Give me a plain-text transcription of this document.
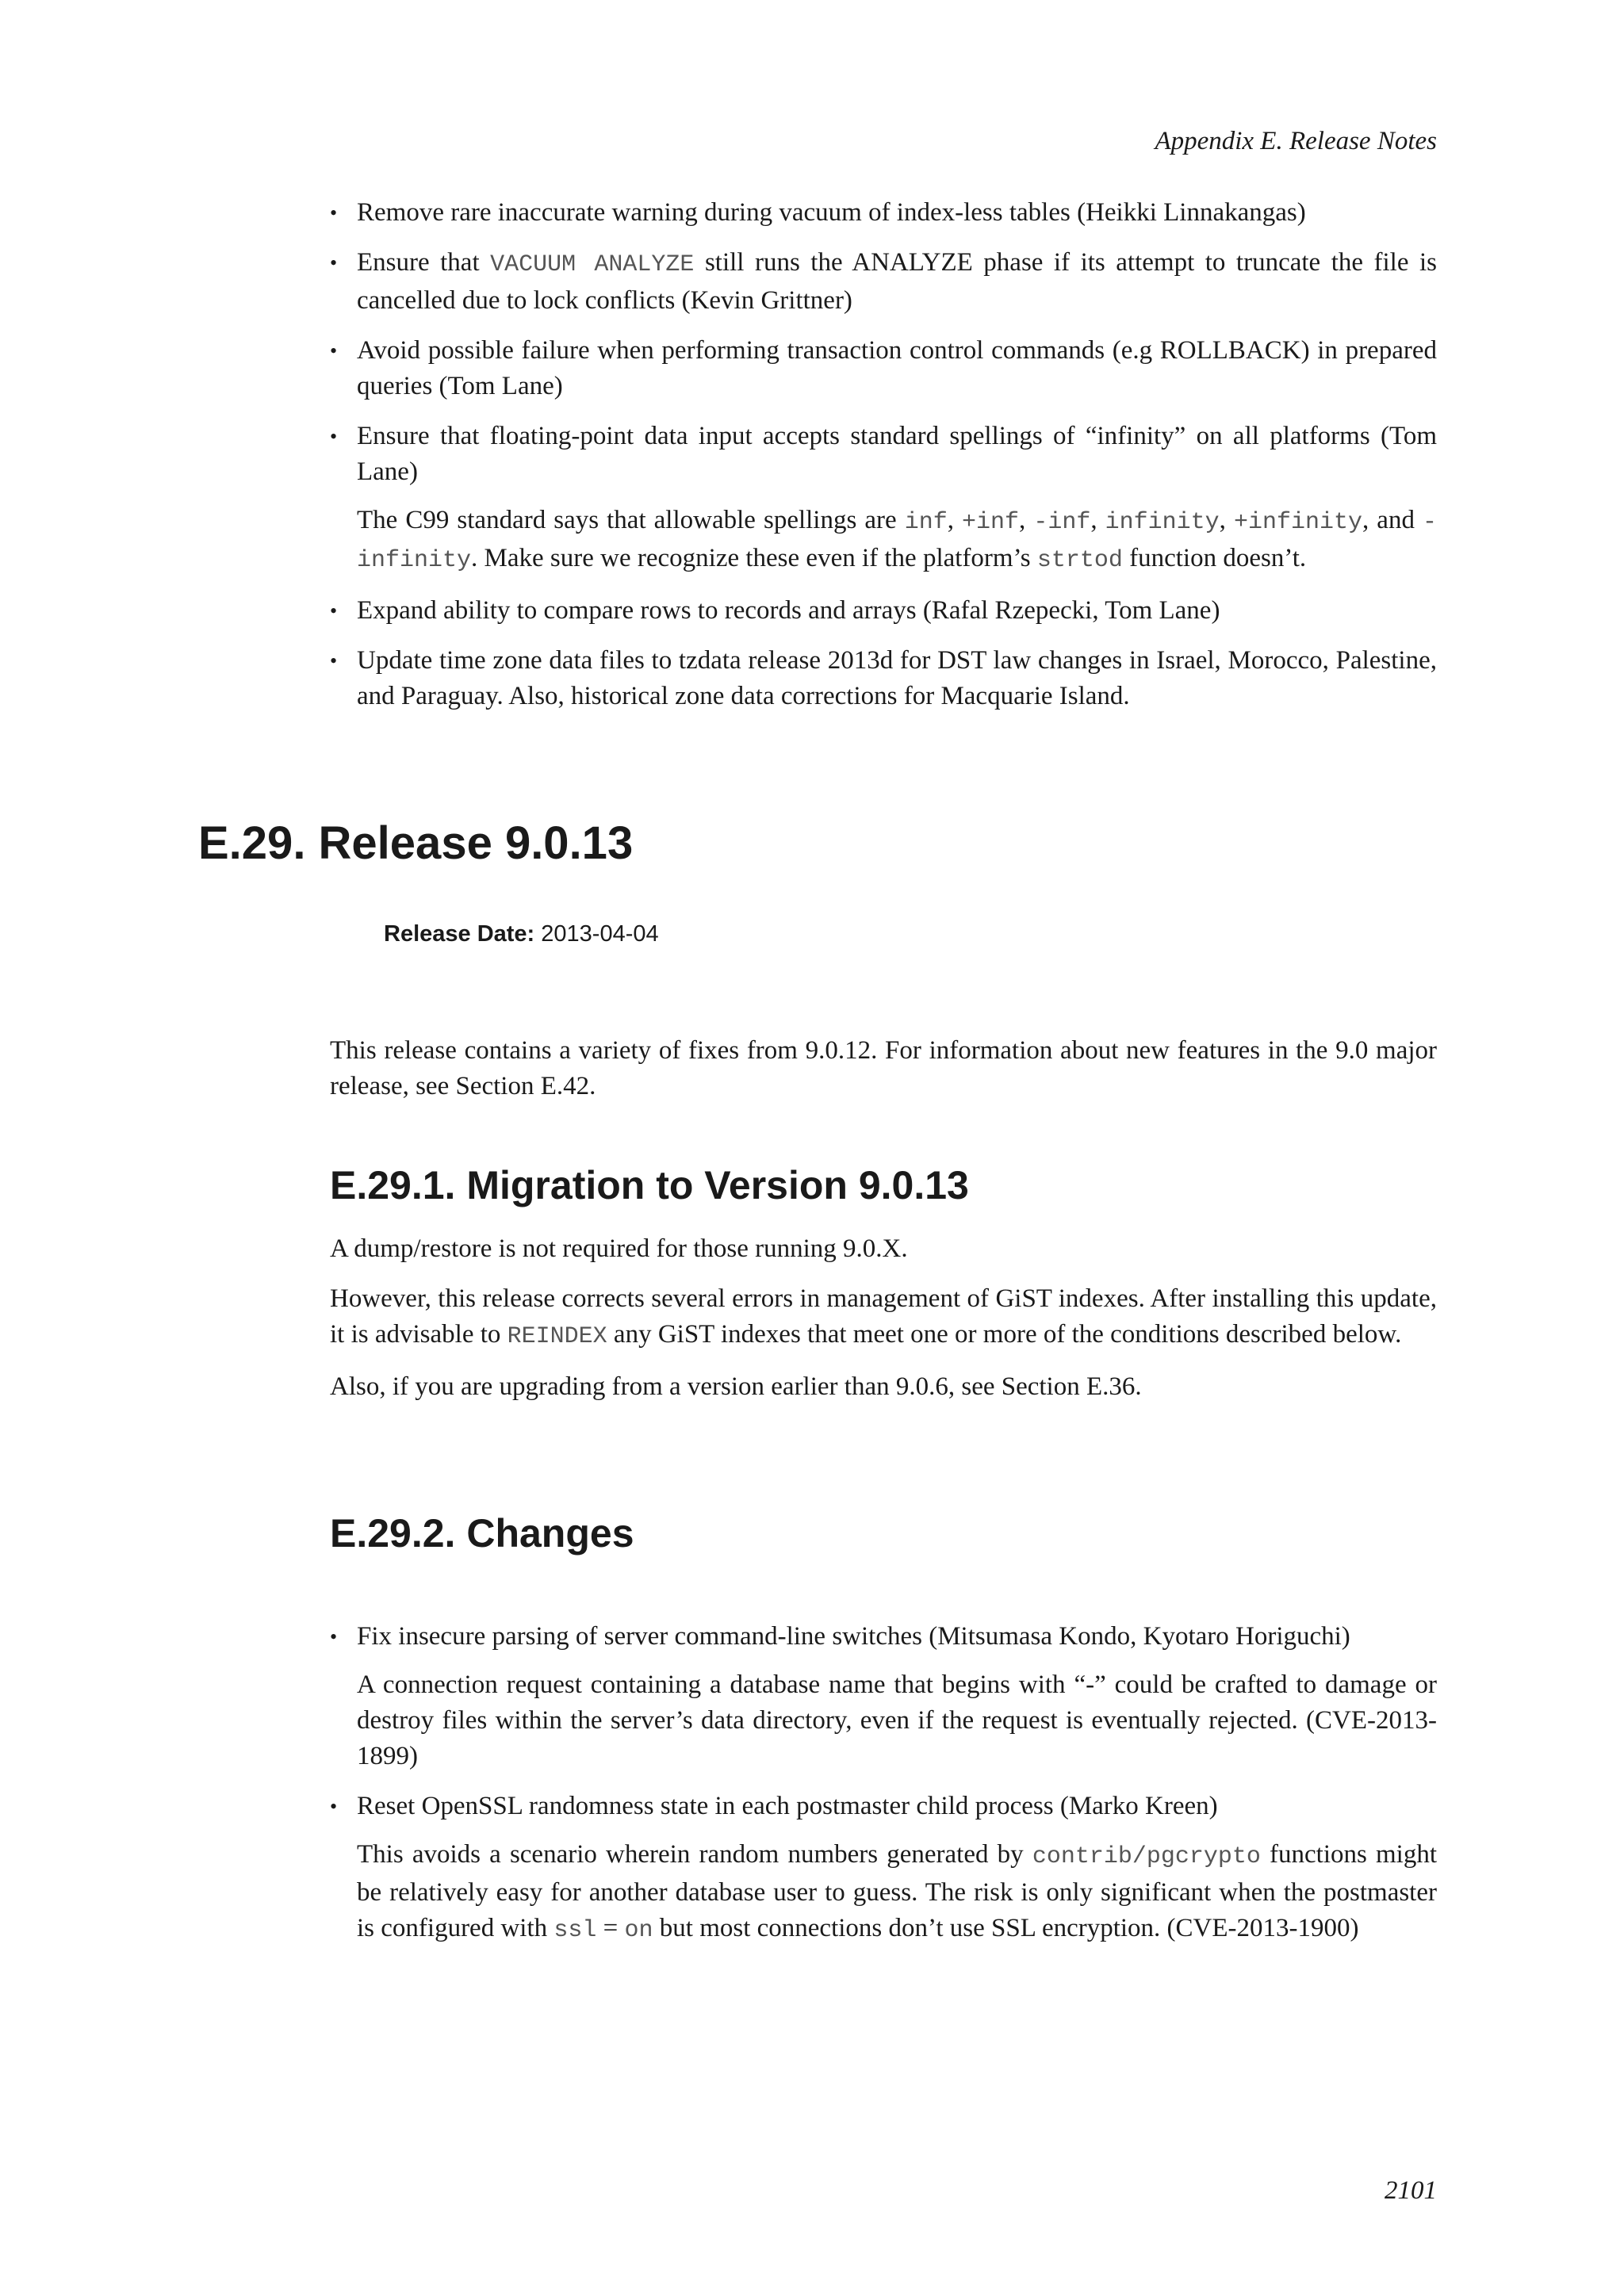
Appendix E. Release Notes
• Remove rare inaccurate warning during vacuum of index-less tables (Heikki Linnakangas)
• Ensure that VACUUM ANALYZE still runs the ANALYZE phase if its attempt to truncate the file is cancelled due to lock conflicts (Kevin Grittner)
• Avoid possible failure when performing transaction control commands (e.g ROLLBACK) in prepared queries (Tom Lane)
• Ensure that floating-point data input accepts standard spellings of “infinity” on all platforms (Tom Lane)

The C99 standard says that allowable spellings are inf, +inf, -inf, infinity, +infinity, and -infinity. Make sure we recognize these even if the platform’s strtod function doesn’t.

• Expand ability to compare rows to records and arrays (Rafal Rzepecki, Tom Lane)
• Update time zone data files to tzdata release 2013d for DST law changes in Israel, Morocco, Palestine, and Paraguay. Also, historical zone data corrections for Macquarie Island.
E.29. Release 9.0.13
Release Date: 2013-04-04

This release contains a variety of fixes from 9.0.12. For information about new features in the 9.0 major release, see Section E.42.

E.29.1. Migration to Version 9.0.13

A dump/restore is not required for those running 9.0.X.

However, this release corrects several errors in management of GiST indexes. After installing this update, it is advisable to REINDEX any GiST indexes that meet one or more of the conditions described below.

Also, if you are upgrading from a version earlier than 9.0.6, see Section E.36.

E.29.2. Changes
• Fix insecure parsing of server command-line switches (Mitsumasa Kondo, Kyotaro Horiguchi)

A connection request containing a database name that begins with “-” could be crafted to damage or destroy files within the server’s data directory, even if the request is eventually rejected. (CVE-2013-1899)

• Reset OpenSSL randomness state in each postmaster child process (Marko Kreen)

This avoids a scenario wherein random numbers generated by contrib/pgcrypto functions might be relatively easy for another database user to guess. The risk is only significant when the postmaster is configured with ssl = on but most connections don’t use SSL encryption. (CVE-2013-1900)

2101
